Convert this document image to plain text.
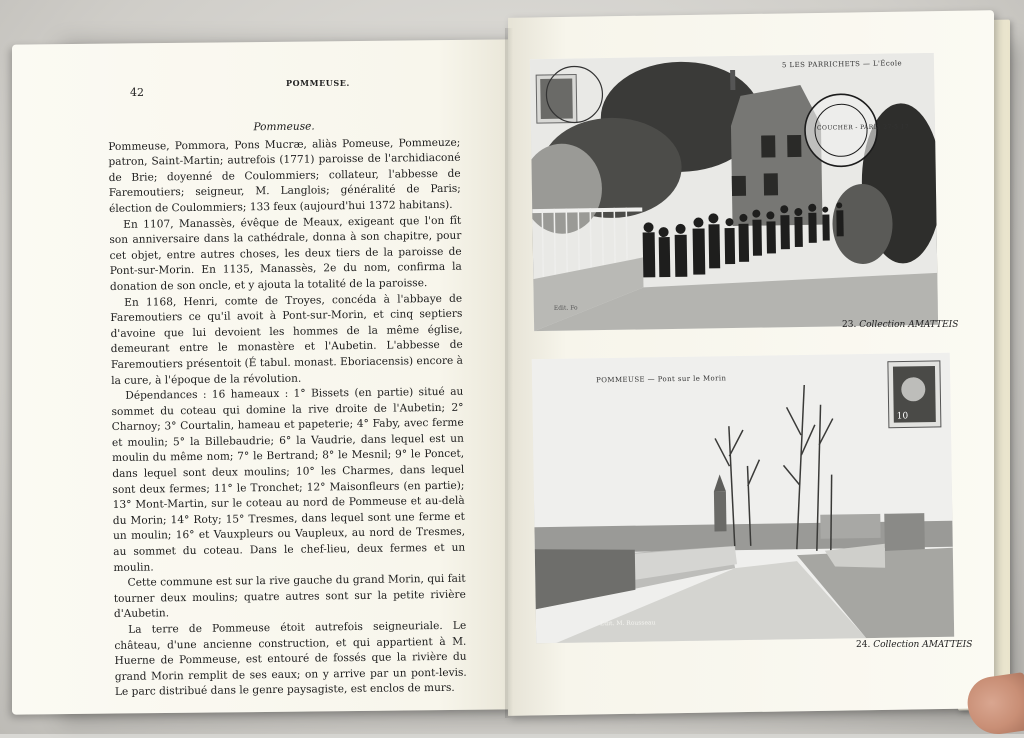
42
POMMEUSE.
Pommeuse.

Pommeuse, Pommora, Pons Mucræ, aliàs Pomeuse, Pommeuze; patron, Saint-Martin; autrefois (1771) paroisse de l'archidiaconé de Brie; doyenné de Coulommiers; collateur, l'abbesse de Faremoutiers; seigneur, M. Langlois; généralité de Paris; élection de Coulommiers; 133 feux (aujourd'hui 1372 habitans).

En 1107, Manassès, évêque de Meaux, exigeant que l'on fît son anniversaire dans la cathédrale, donna à son chapitre, pour cet objet, entre autres choses, les deux tiers de la paroisse de Pont-sur-Morin. En 1135, Manassès, 2e du nom, confirma la donation de son oncle, et y ajouta la totalité de la paroisse.

En 1168, Henri, comte de Troyes, concéda à l'abbaye de Faremoutiers ce qu'il avoit à Pont-sur-Morin, et cinq septiers d'avoine que lui devoient les hommes de la même église, demeurant entre le monastère et l'Aubetin. L'abbesse de Faremoutiers présentoit (É tabul. monast. Eboriacensis) encore à la cure, à l'époque de la révolution.

Dépendances : 16 hameaux : 1° Bissets (en partie) situé au sommet du coteau qui domine la rive droite de l'Aubetin; 2° Charnoy; 3° Courtalin, hameau et papeterie; 4° Faby, avec ferme et moulin; 5° la Billebaudrie; 6° la Vaudrie, dans lequel est un moulin du même nom; 7° le Bertrand; 8° le Mesnil; 9° le Poncet, dans lequel sont deux moulins; 10° les Charmes, dans lequel sont deux fermes; 11° le Tronchet; 12° Maisonfleurs (en partie); 13° Mont-Martin, sur le coteau au nord de Pommeuse et au-delà du Morin; 14° Roty; 15° Tresmes, dans lequel sont une ferme et un moulin; 16° et Vauxpleurs ou Vaupleux, au nord de Tresmes, au sommet du coteau. Dans le chef-lieu, deux fermes et un moulin.

Cette commune est sur la rive gauche du grand Morin, qui fait tourner deux moulins; quatre autres sont sur la petite rivière d'Aubetin.

La terre de Pommeuse étoit autrefois seigneuriale. Le château, d'une ancienne construction, et qui appartient à M. Huerne de Pommeuse, est entouré de fossés que la rivière du grand Morin remplit de ses eaux; on y arrive par un pont-levis. Le parc distribué dans le genre paysagiste, est enclos de murs.

5 LES PARRICHETS — L'École
Edit. Fo
COUCHER - PARIS 27-5 17
23. Collection AMATTEIS
POMMEUSE — Pont sur le Morin
Edit. M. Rousseau
10
24. Collection AMATTEIS
